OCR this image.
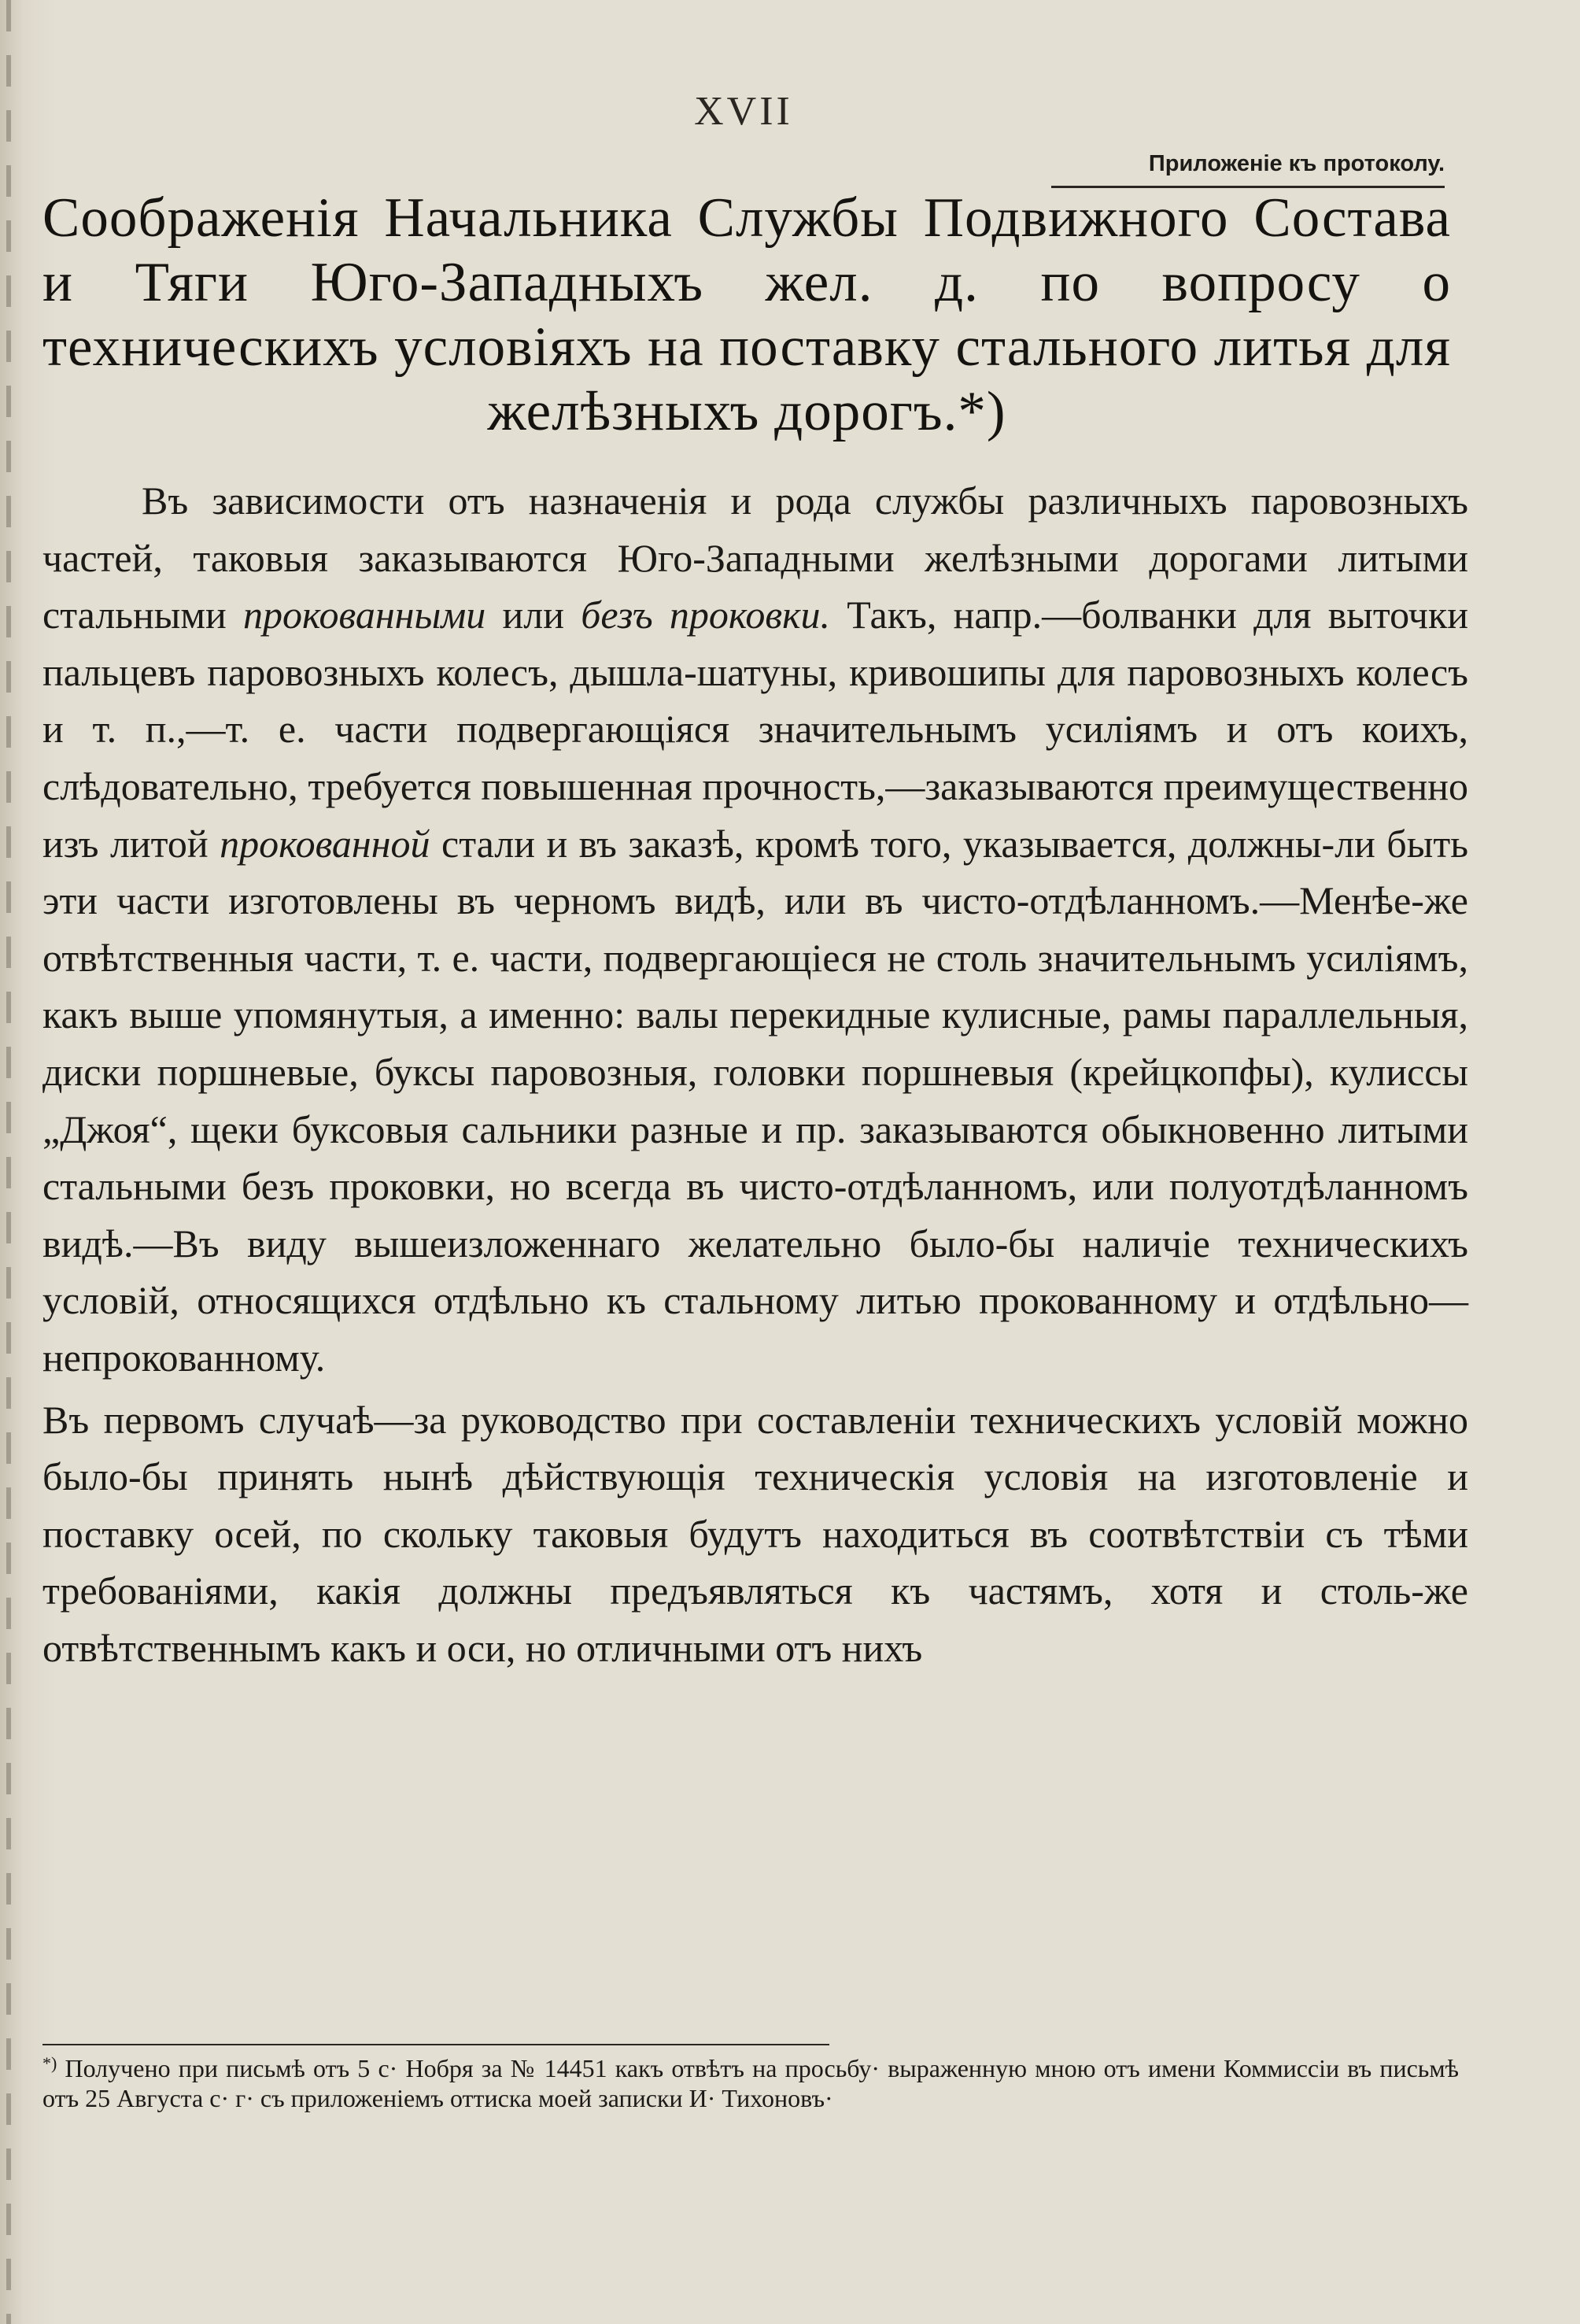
XVII
Приложеніе къ протоколу.
Соображенія Начальника Службы Подвижного Состава и Тяги Юго-Западныхъ жел. д. по вопросу о техническихъ условіяхъ на поставку стального литья для желѣзныхъ дорогъ.*)

Въ зависимости отъ назначенія и рода службы различныхъ паровозныхъ частей, таковыя заказываются Юго-Западными желѣзными дорогами литыми стальными прокованными или безъ проковки. Такъ, напр.—болванки для выточки пальцевъ паровозныхъ колесъ, дышла-шатуны, кривошипы для паровозныхъ колесъ и т. п.,—т. е. части подвергающіяся значительнымъ усиліямъ и отъ коихъ, слѣдовательно, требуется повышенная прочность,—заказываются преимущественно изъ литой прокованной стали и въ заказѣ, кромѣ того, указывается, должны-ли быть эти части изготовлены въ черномъ видѣ, или въ чисто-отдѣланномъ.—Менѣе-же отвѣтственныя части, т. е. части, подвергающіеся не столь значительнымъ усиліямъ, какъ выше упомянутыя, а именно: валы перекидные кулисные, рамы параллельныя, диски поршневые, буксы паровозныя, головки поршневыя (крейцкопфы), кулиссы „Джоя“, щеки буксовыя сальники разные и пр. заказываются обыкновенно литыми стальными безъ проковки, но всегда въ чисто-отдѣланномъ, или полуотдѣланномъ видѣ.—Въ виду вышеизложеннаго желательно было-бы наличіе техническихъ условій, относящихся отдѣльно къ стальному литью прокованному и отдѣльно—непрокованному.

Въ первомъ случаѣ—за руководство при составленіи техническихъ условій можно было-бы принять нынѣ дѣйствующія техническія условія на изготовленіе и поставку осей, по скольку таковыя будутъ находиться въ соотвѣтствіи съ тѣми требованіями, какія должны предъявляться къ частямъ, хотя и столь-же отвѣтственнымъ какъ и оси, но отличными отъ нихъ

*) Получено при письмѣ отъ 5 с· Нобря за № 14451 какъ отвѣтъ на просьбу· выраженную мною отъ имени Коммиссіи въ письмѣ отъ 25 Августа с· г· съ приложеніемъ оттиска моей записки И· Тихоновъ·
